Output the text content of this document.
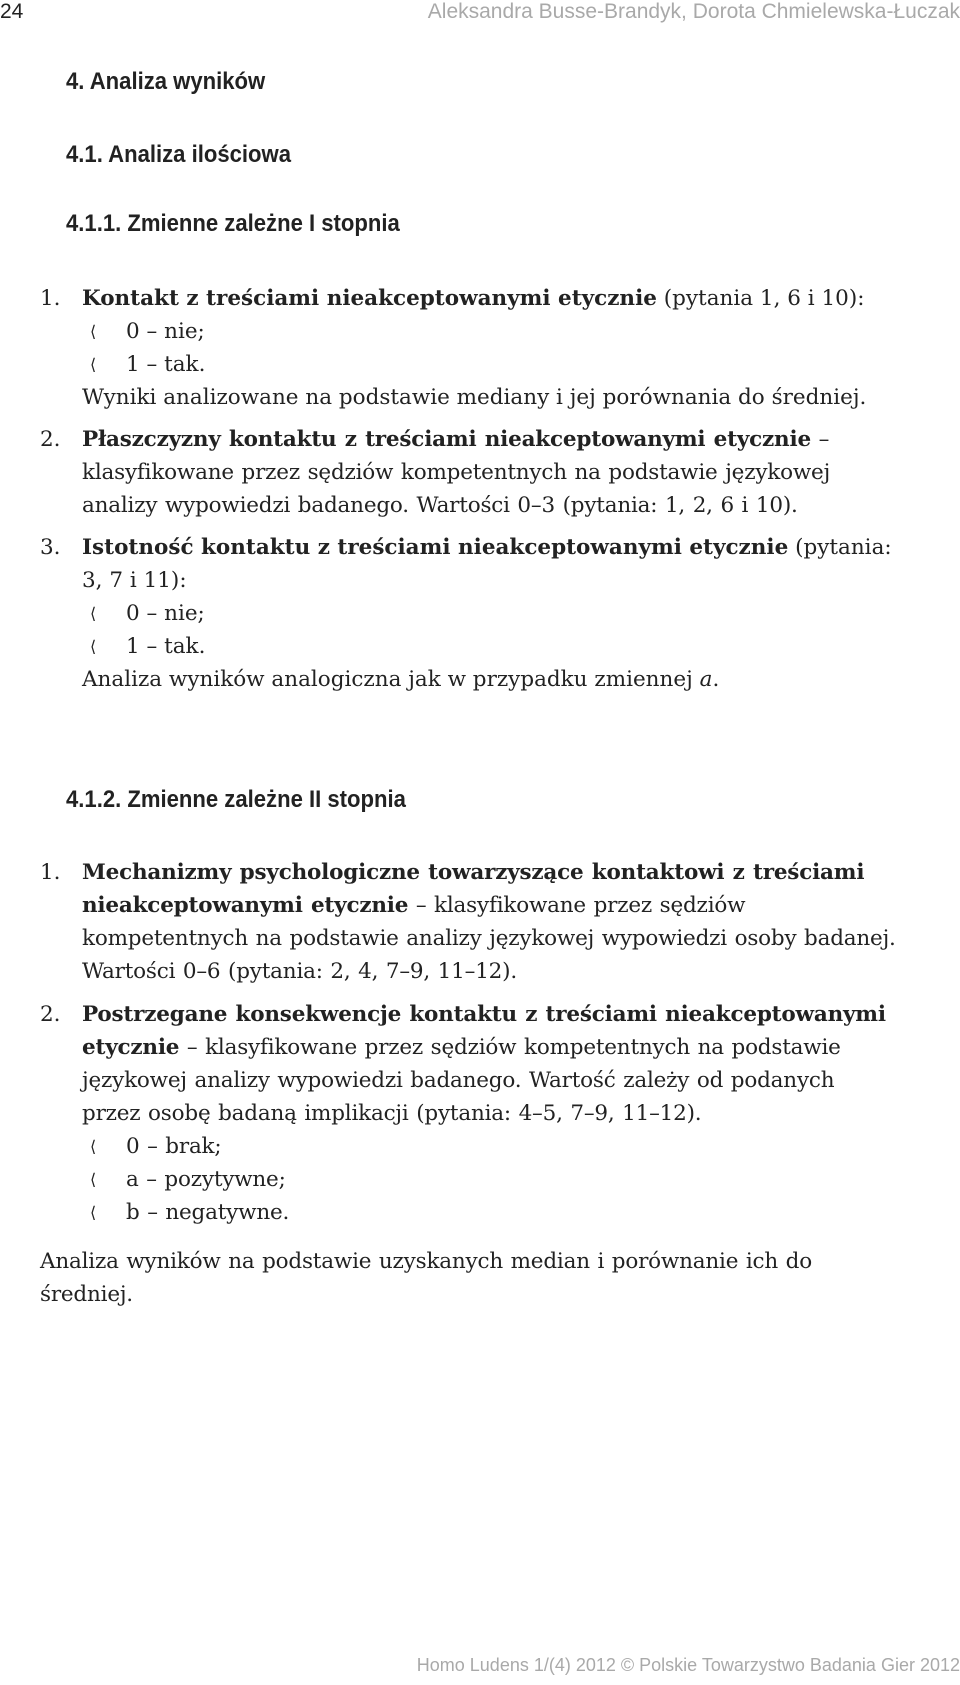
24	Aleksandra Busse-Brandyk, Dorota Chmielewska-Łuczak
4. Analiza wyników
4.1. Analiza ilościowa
4.1.1. Zmienne zależne I stopnia
1. Kontakt z treściami nieakceptowanymi etycznie (pytania 1, 6 i 10):

⟨ 0 – nie;

⟨ 1 – tak.

Wyniki analizowane na podstawie mediany i jej porównania do średniej.

2. Płaszczyzny kontaktu z treściami nieakceptowanymi etycznie – klasyfikowane przez sędziów kompetentnych na podstawie językowej analizy wypowiedzi badanego. Wartości 0–3 (pytania: 1, 2, 6 i 10).

3. Istotność kontaktu z treściami nieakceptowanymi etycznie (pytania: 3, 7 i 11):

⟨ 0 – nie;

⟨ 1 – tak.

Analiza wyników analogiczna jak w przypadku zmiennej a.

4.1.2. Zmienne zależne II stopnia
1. Mechanizmy psychologiczne towarzyszące kontaktowi z treściami nieakceptowanymi etycznie – klasyfikowane przez sędziów kompetentnych na podstawie analizy językowej wypowiedzi osoby badanej. Wartości 0–6 (pytania: 2, 4, 7–9, 11–12).

2. Postrzegane konsekwencje kontaktu z treściami nieakceptowanymi etycznie – klasyfikowane przez sędziów kompetentnych na podstawie językowej analizy wypowiedzi badanego. Wartość zależy od podanych przez osobę badaną implikacji (pytania: 4–5, 7–9, 11–12).

⟨ 0 – brak;

⟨ a – pozytywne;

⟨ b – negatywne.

Analiza wyników na podstawie uzyskanych median i porównanie ich do średniej.

Homo Ludens 1/(4) 2012 © Polskie Towarzystwo Badania Gier 2012
